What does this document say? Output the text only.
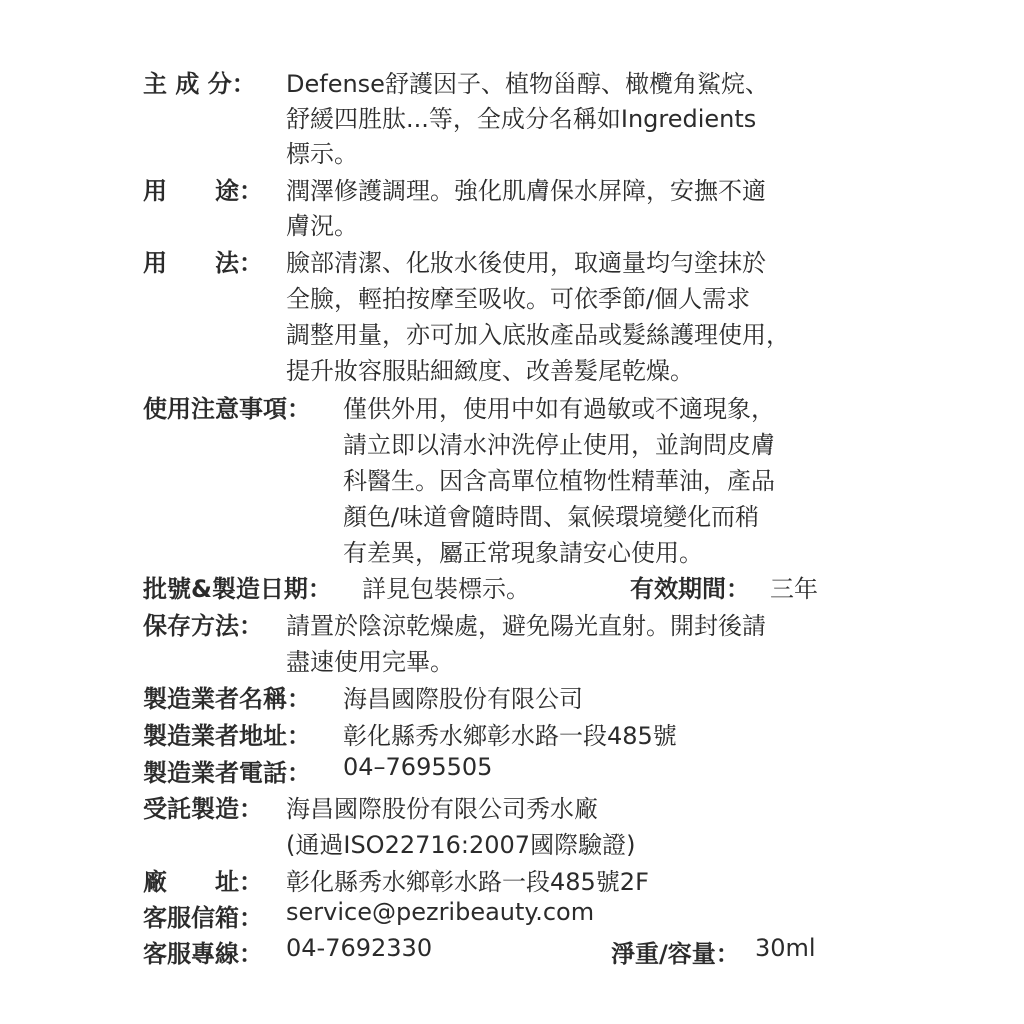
主 成 分： Defense舒護因子、植物甾醇、橄欖角鯊烷、
舒緩四胜肽...等，全成分名稱如Ingredients
標示。
用　　途： 潤澤修護調理。強化肌膚保水屏障，安撫不適
膚況。
用　　法： 臉部清潔、化妝水後使用，取適量均勻塗抹於
全臉，輕拍按摩至吸收。可依季節/個人需求
調整用量，亦可加入底妝產品或髮絲護理使用，
提升妝容服貼細緻度、改善髮尾乾燥。
使用注意事項： 僅供外用，使用中如有過敏或不適現象，
請立即以清水沖洗停止使用，並詢問皮膚
科醫生。因含高單位植物性精華油，產品
顏色/味道會隨時間、氣候環境變化而稍
有差異，屬正常現象請安心使用。
批號&製造日期： 詳見包裝標示。	有效期間： 三年
保存方法： 請置於陰涼乾燥處，避免陽光直射。開封後請
盡速使用完畢。
製造業者名稱： 海昌國際股份有限公司
製造業者地址： 彰化縣秀水鄉彰水路一段485號
製造業者電話： 04–7695505
受託製造： 海昌國際股份有限公司秀水廠
(通過ISO22716:2007國際驗證)
廠　　址： 彰化縣秀水鄉彰水路一段485號2F
客服信箱： service@pezribeauty.com
客服專線： 04-7692330	淨重/容量： 30ml
